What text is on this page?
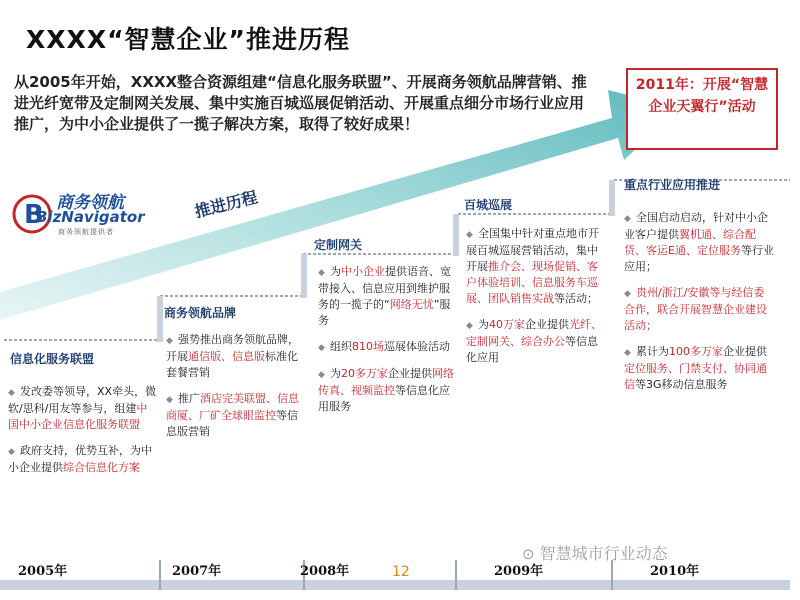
XXXX“智慧企业”推进历程
从2005年开始，XXXX整合资源组建“信息化服务联盟”、开展商务领航品牌营销、推进光纤宽带及定制网关发展、集中实施百城巡展促销活动、开展重点细分市场行业应用推广，为中小企业提供了一揽子解决方案，取得了较好成果！
2011年：开展“智慧企业天翼行”活动
B 商务领航
BizNavigator
商务领航提供者
推进历程
信息化服务联盟
商务领航品牌
定制网关
百城巡展
重点行业应用推进

◆ 发改委等领导，XX牵头，微软/思科/用友等参与，组建中国中小企业信息化服务联盟

◆ 政府支持，优势互补，为中小企业提供综合信息化方案

◆ 强势推出商务领航品牌，开展通信版、信息版标准化套餐营销

◆ 推广酒店完美联盟、信息商厦、厂矿全球眼监控等信息版营销

◆ 为中小企业提供语音、宽带接入、信息应用到维护服务的一揽子的“网络无忧”服务

◆ 组织810场巡展体验活动

◆ 为20多万家企业提供网络传真、视频监控等信息化应用服务

◆ 全国集中针对重点地市开展百城巡展营销活动，集中开展推介会、现场促销、客户体验培训、信息服务车巡展、团队销售实战等活动；

◆ 为40万家企业提供光纤、定制网关、综合办公等信息化应用

◆ 全国启动启动，针对中小企业客户提供翼机通、综合配货、客运E通、定位服务等行业应用；

◆ 贵州/浙江/安徽等与经信委合作，联合开展智慧企业建设活动；

◆ 累计为100多万家企业提供定位服务、门禁支付、协同通信等3G移动信息服务

2005年	2007年	2008年	2009年	2010年
12
⊙ 智慧城市行业动态
